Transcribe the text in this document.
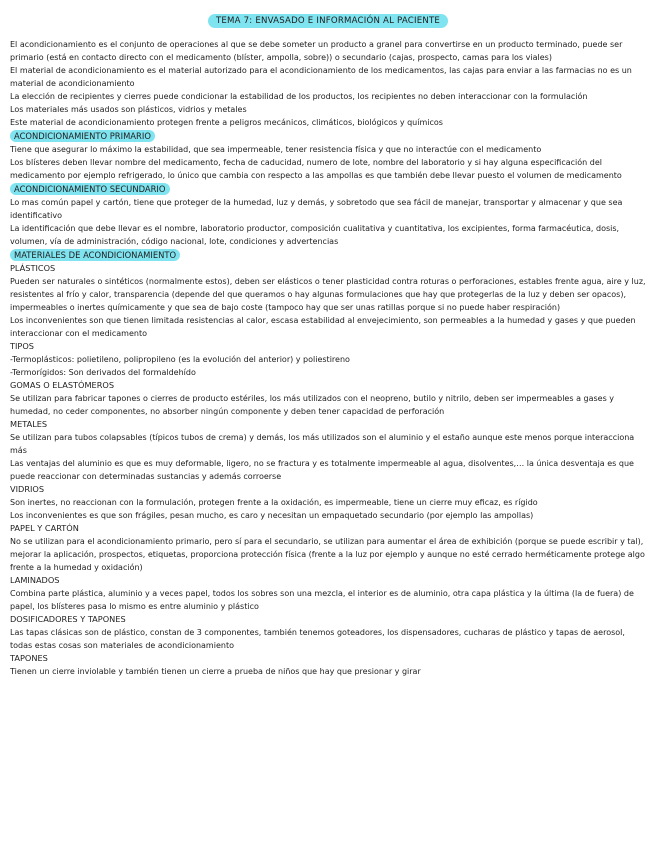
TEMA 7: ENVASADO E INFORMACIÓN AL PACIENTE

El acondicionamiento es el conjunto de operaciones al que se debe someter un producto a granel para convertirse en un producto terminado, puede ser primario (está en contacto directo con el medicamento (blíster, ampolla, sobre)) o secundario (cajas, prospecto, camas para los viales)

El material de acondicionamiento es el material autorizado para el acondicionamiento de los medicamentos, las cajas para enviar a las farmacias no es un material de acondicionamiento

La elección de recipientes y cierres puede condicionar la estabilidad de los productos, los recipientes no deben interaccionar con la formulación

Los materiales más usados son plásticos, vidrios y metales

Este material de acondicionamiento protegen frente a peligros mecánicos, climáticos, biológicos y químicos

ACONDICIONAMIENTO PRIMARIO

Tiene que asegurar lo máximo la estabilidad, que sea impermeable, tener resistencia física y que no interactúe con el medicamento

Los blísteres deben llevar nombre del medicamento, fecha de caducidad, numero de lote, nombre del laboratorio y si hay alguna especificación del medicamento por ejemplo refrigerado, lo único que cambia con respecto a las ampollas es que también debe llevar puesto el volumen de medicamento

ACONDICIONAMIENTO SECUNDARIO

Lo mas común papel y cartón, tiene que proteger de la humedad, luz y demás, y sobretodo que sea fácil de manejar, transportar y almacenar y que sea identificativo

La identificación que debe llevar es el nombre, laboratorio productor, composición cualitativa y cuantitativa, los excipientes, forma farmacéutica, dosis, volumen, vía de administración, código nacional, lote, condiciones y advertencias

MATERIALES DE ACONDICIONAMIENTO

PLÁSTICOS

Pueden ser naturales o sintéticos (normalmente estos), deben ser elásticos o tener plasticidad contra roturas o perforaciones, estables frente agua, aire y luz, resistentes al frío y calor, transparencia (depende del que queramos o hay algunas formulaciones que hay que protegerlas de la luz y deben ser opacos), impermeables o inertes químicamente y que sea de bajo coste (tampoco hay que ser unas ratillas porque si no puede haber respiración)

Los inconvenientes son que tienen limitada resistencias al calor, escasa estabilidad al envejecimiento, son permeables a la humedad y gases y que pueden interaccionar con el medicamento

TIPOS

-Termoplásticos: polietileno, polipropileno (es la evolución del anterior) y poliestireno

-Termorígidos: Son derivados del formaldehído

GOMAS O ELASTÓMEROS

Se utilizan para fabricar tapones o cierres de producto estériles, los más utilizados con el neopreno, butilo y nitrilo, deben ser impermeables a gases y humedad, no ceder componentes, no absorber ningún componente y deben tener capacidad de perforación

METALES

Se utilizan para tubos colapsables (típicos tubos de crema) y demás, los más utilizados son el aluminio y el estaño aunque este menos porque interacciona más

Las ventajas del aluminio es que es muy deformable, ligero, no se fractura y es totalmente impermeable al agua, disolventes,… la única desventaja es que puede reaccionar con determinadas sustancias y además corroerse

VIDRIOS

Son inertes, no reaccionan con la formulación, protegen frente a la oxidación, es impermeable, tiene un cierre muy eficaz, es rígido

Los inconvenientes es que son frágiles, pesan mucho, es caro y necesitan un empaquetado secundario (por ejemplo las ampollas)

PAPEL Y CARTÓN

No se utilizan para el acondicionamiento primario, pero sí para el secundario, se utilizan para aumentar el área de exhibición (porque se puede escribir y tal), mejorar la aplicación, prospectos, etiquetas, proporciona protección física (frente a la luz por ejemplo y aunque no esté cerrado herméticamente protege algo frente a la humedad y oxidación)

LAMINADOS

Combina parte plástica, aluminio y a veces papel, todos los sobres son una mezcla, el interior es de aluminio, otra capa plástica y la última (la de fuera) de papel, los blísteres pasa lo mismo es entre aluminio y plástico

DOSIFICADORES Y TAPONES

Las tapas clásicas son de plástico, constan de 3 componentes, también tenemos goteadores, los dispensadores, cucharas de plástico y tapas de aerosol, todas estas cosas son materiales de acondicionamiento

TAPONES

Tienen un cierre inviolable y también tienen un cierre a prueba de niños que hay que presionar y girar
